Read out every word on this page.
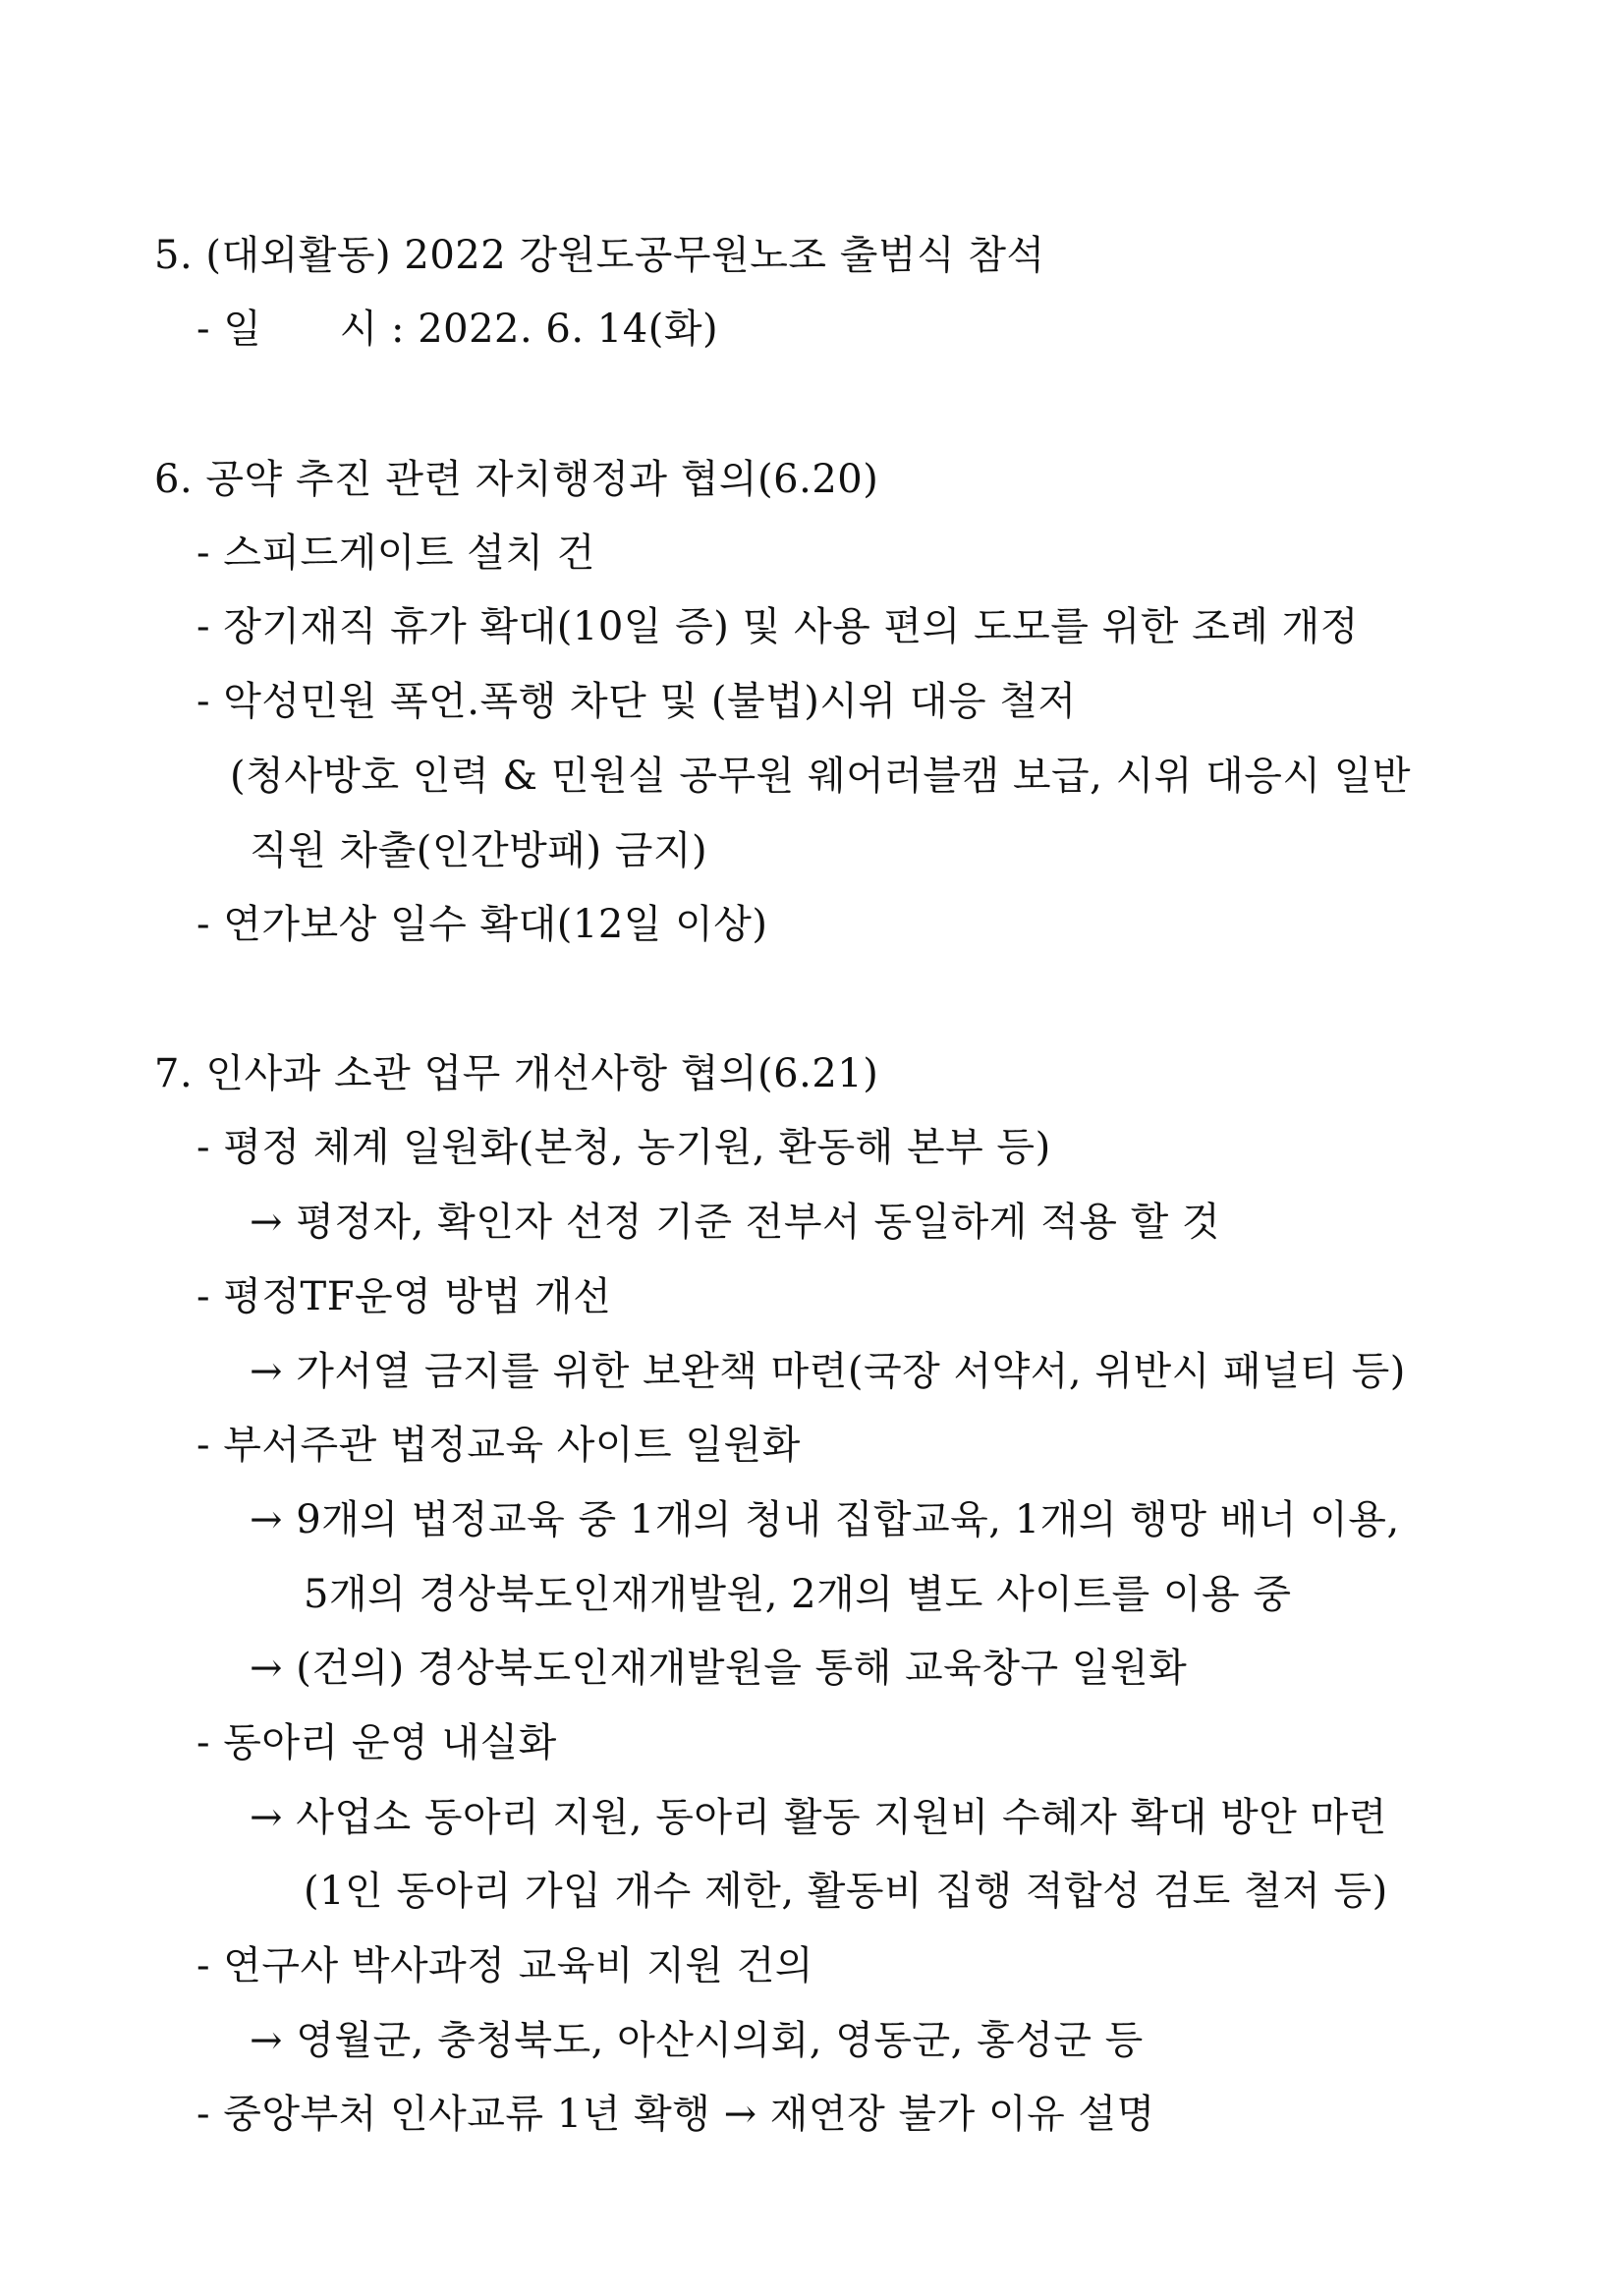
5. (대외활동) 2022 강원도공무원노조 출범식 참석
- 일      시 : 2022. 6. 14(화)
6. 공약 추진 관련 자치행정과 협의(6.20)
- 스피드게이트 설치 건
- 장기재직 휴가 확대(10일 증) 및 사용 편의 도모를 위한 조례 개정
- 악성민원 폭언.폭행 차단 및 (불법)시위 대응 철저
(청사방호 인력 & 민원실 공무원 웨어러블캠 보급, 시위 대응시 일반
직원 차출(인간방패) 금지)
- 연가보상 일수 확대(12일 이상)
7. 인사과 소관 업무 개선사항 협의(6.21)
- 평정 체계 일원화(본청, 농기원, 환동해 본부 등)
→ 평정자, 확인자 선정 기준 전부서 동일하게 적용 할 것
- 평정TF운영 방법 개선
→ 가서열 금지를 위한 보완책 마련(국장 서약서, 위반시 패널티 등)
- 부서주관 법정교육 사이트 일원화
→ 9개의 법정교육 중 1개의 청내 집합교육, 1개의 행망 배너 이용,
5개의 경상북도인재개발원, 2개의 별도 사이트를 이용 중
→ (건의) 경상북도인재개발원을 통해 교육창구 일원화
- 동아리 운영 내실화
→ 사업소 동아리 지원, 동아리 활동 지원비 수혜자 확대 방안 마련
(1인 동아리 가입 개수 제한, 활동비 집행 적합성 검토 철저 등)
- 연구사 박사과정 교육비 지원 건의
→ 영월군, 충청북도, 아산시의회, 영동군, 홍성군 등
- 중앙부처 인사교류 1년 확행 → 재연장 불가 이유 설명
